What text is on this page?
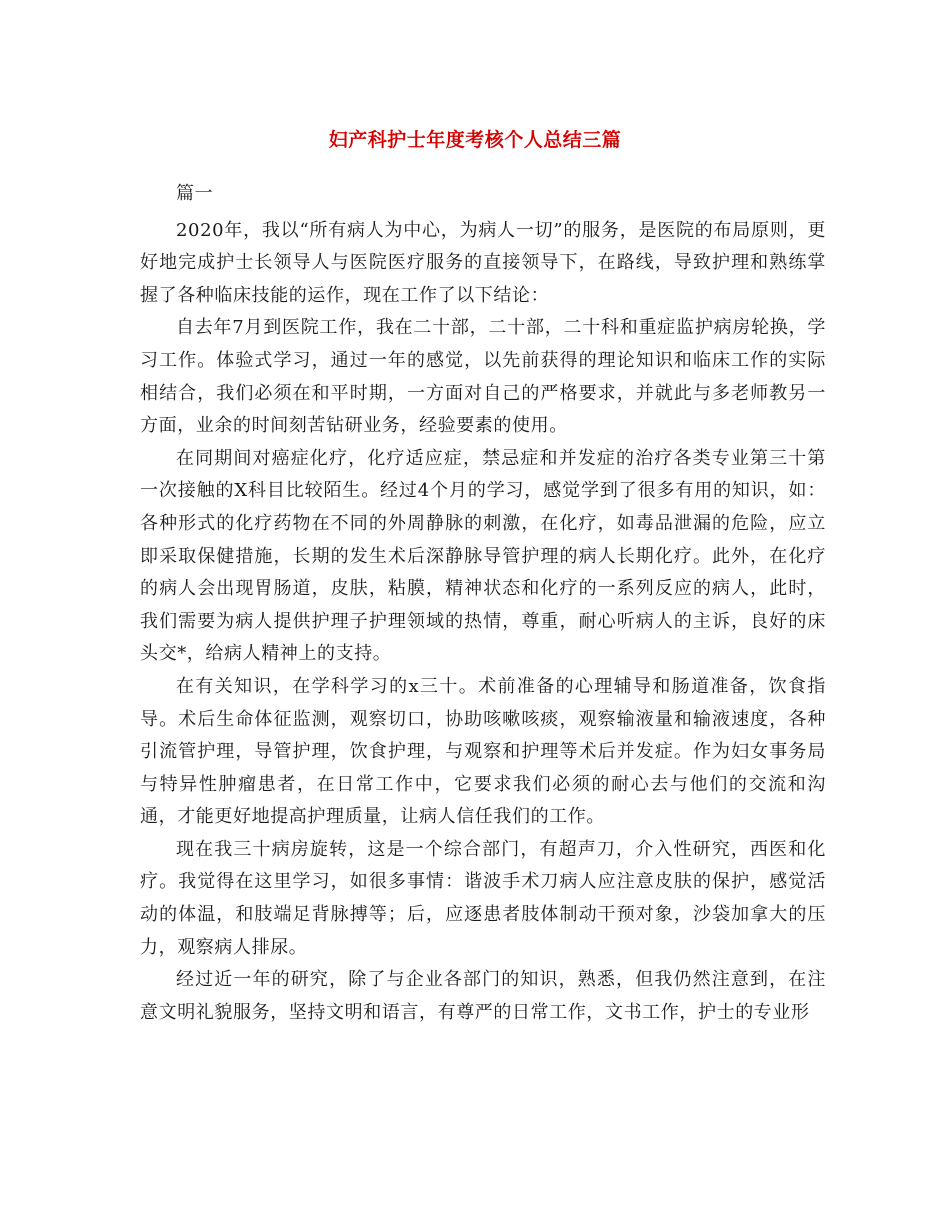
妇产科护士年度考核个人总结三篇

篇一

2020年，我以“所有病人为中心，为病人一切”的服务，是医院的布局原则，更好地完成护士长领导人与医院医疗服务的直接领导下，在路线，导致护理和熟练掌握了各种临床技能的运作，现在工作了以下结论：

自去年7月到医院工作，我在二十部，二十部，二十科和重症监护病房轮换，学习工作。体验式学习，通过一年的感觉，以先前获得的理论知识和临床工作的实际相结合，我们必须在和平时期，一方面对自己的严格要求，并就此与多老师教另一方面，业余的时间刻苦钻研业务，经验要素的使用。

在同期间对癌症化疗，化疗适应症，禁忌症和并发症的治疗各类专业第三十第一次接触的X科目比较陌生。经过4个月的学习，感觉学到了很多有用的知识，如：各种形式的化疗药物在不同的外周静脉的刺激，在化疗，如毒品泄漏的危险，应立即采取保健措施，长期的发生术后深静脉导管护理的病人长期化疗。此外，在化疗的病人会出现胃肠道，皮肤，粘膜，精神状态和化疗的一系列反应的病人，此时，我们需要为病人提供护理子护理领域的热情，尊重，耐心听病人的主诉，良好的床头交*，给病人精神上的支持。

在有关知识，在学科学习的x三十。术前准备的心理辅导和肠道准备，饮食指导。术后生命体征监测，观察切口，协助咳嗽咳痰，观察输液量和输液速度，各种引流管护理，导管护理，饮食护理，与观察和护理等术后并发症。作为妇女事务局与特异性肿瘤患者，在日常工作中，它要求我们必须的耐心去与他们的交流和沟通，才能更好地提高护理质量，让病人信任我们的工作。

现在我三十病房旋转，这是一个综合部门，有超声刀，介入性研究，西医和化疗。我觉得在这里学习，如很多事情：谐波手术刀病人应注意皮肤的保护，感觉活动的体温，和肢端足背脉搏等；后，应逐患者肢体制动干预对象，沙袋加拿大的压力，观察病人排尿。

经过近一年的研究，除了与企业各部门的知识，熟悉，但我仍然注意到，在注意文明礼貌服务，坚持文明和语言，有尊严的日常工作，文书工作，护士的专业形
